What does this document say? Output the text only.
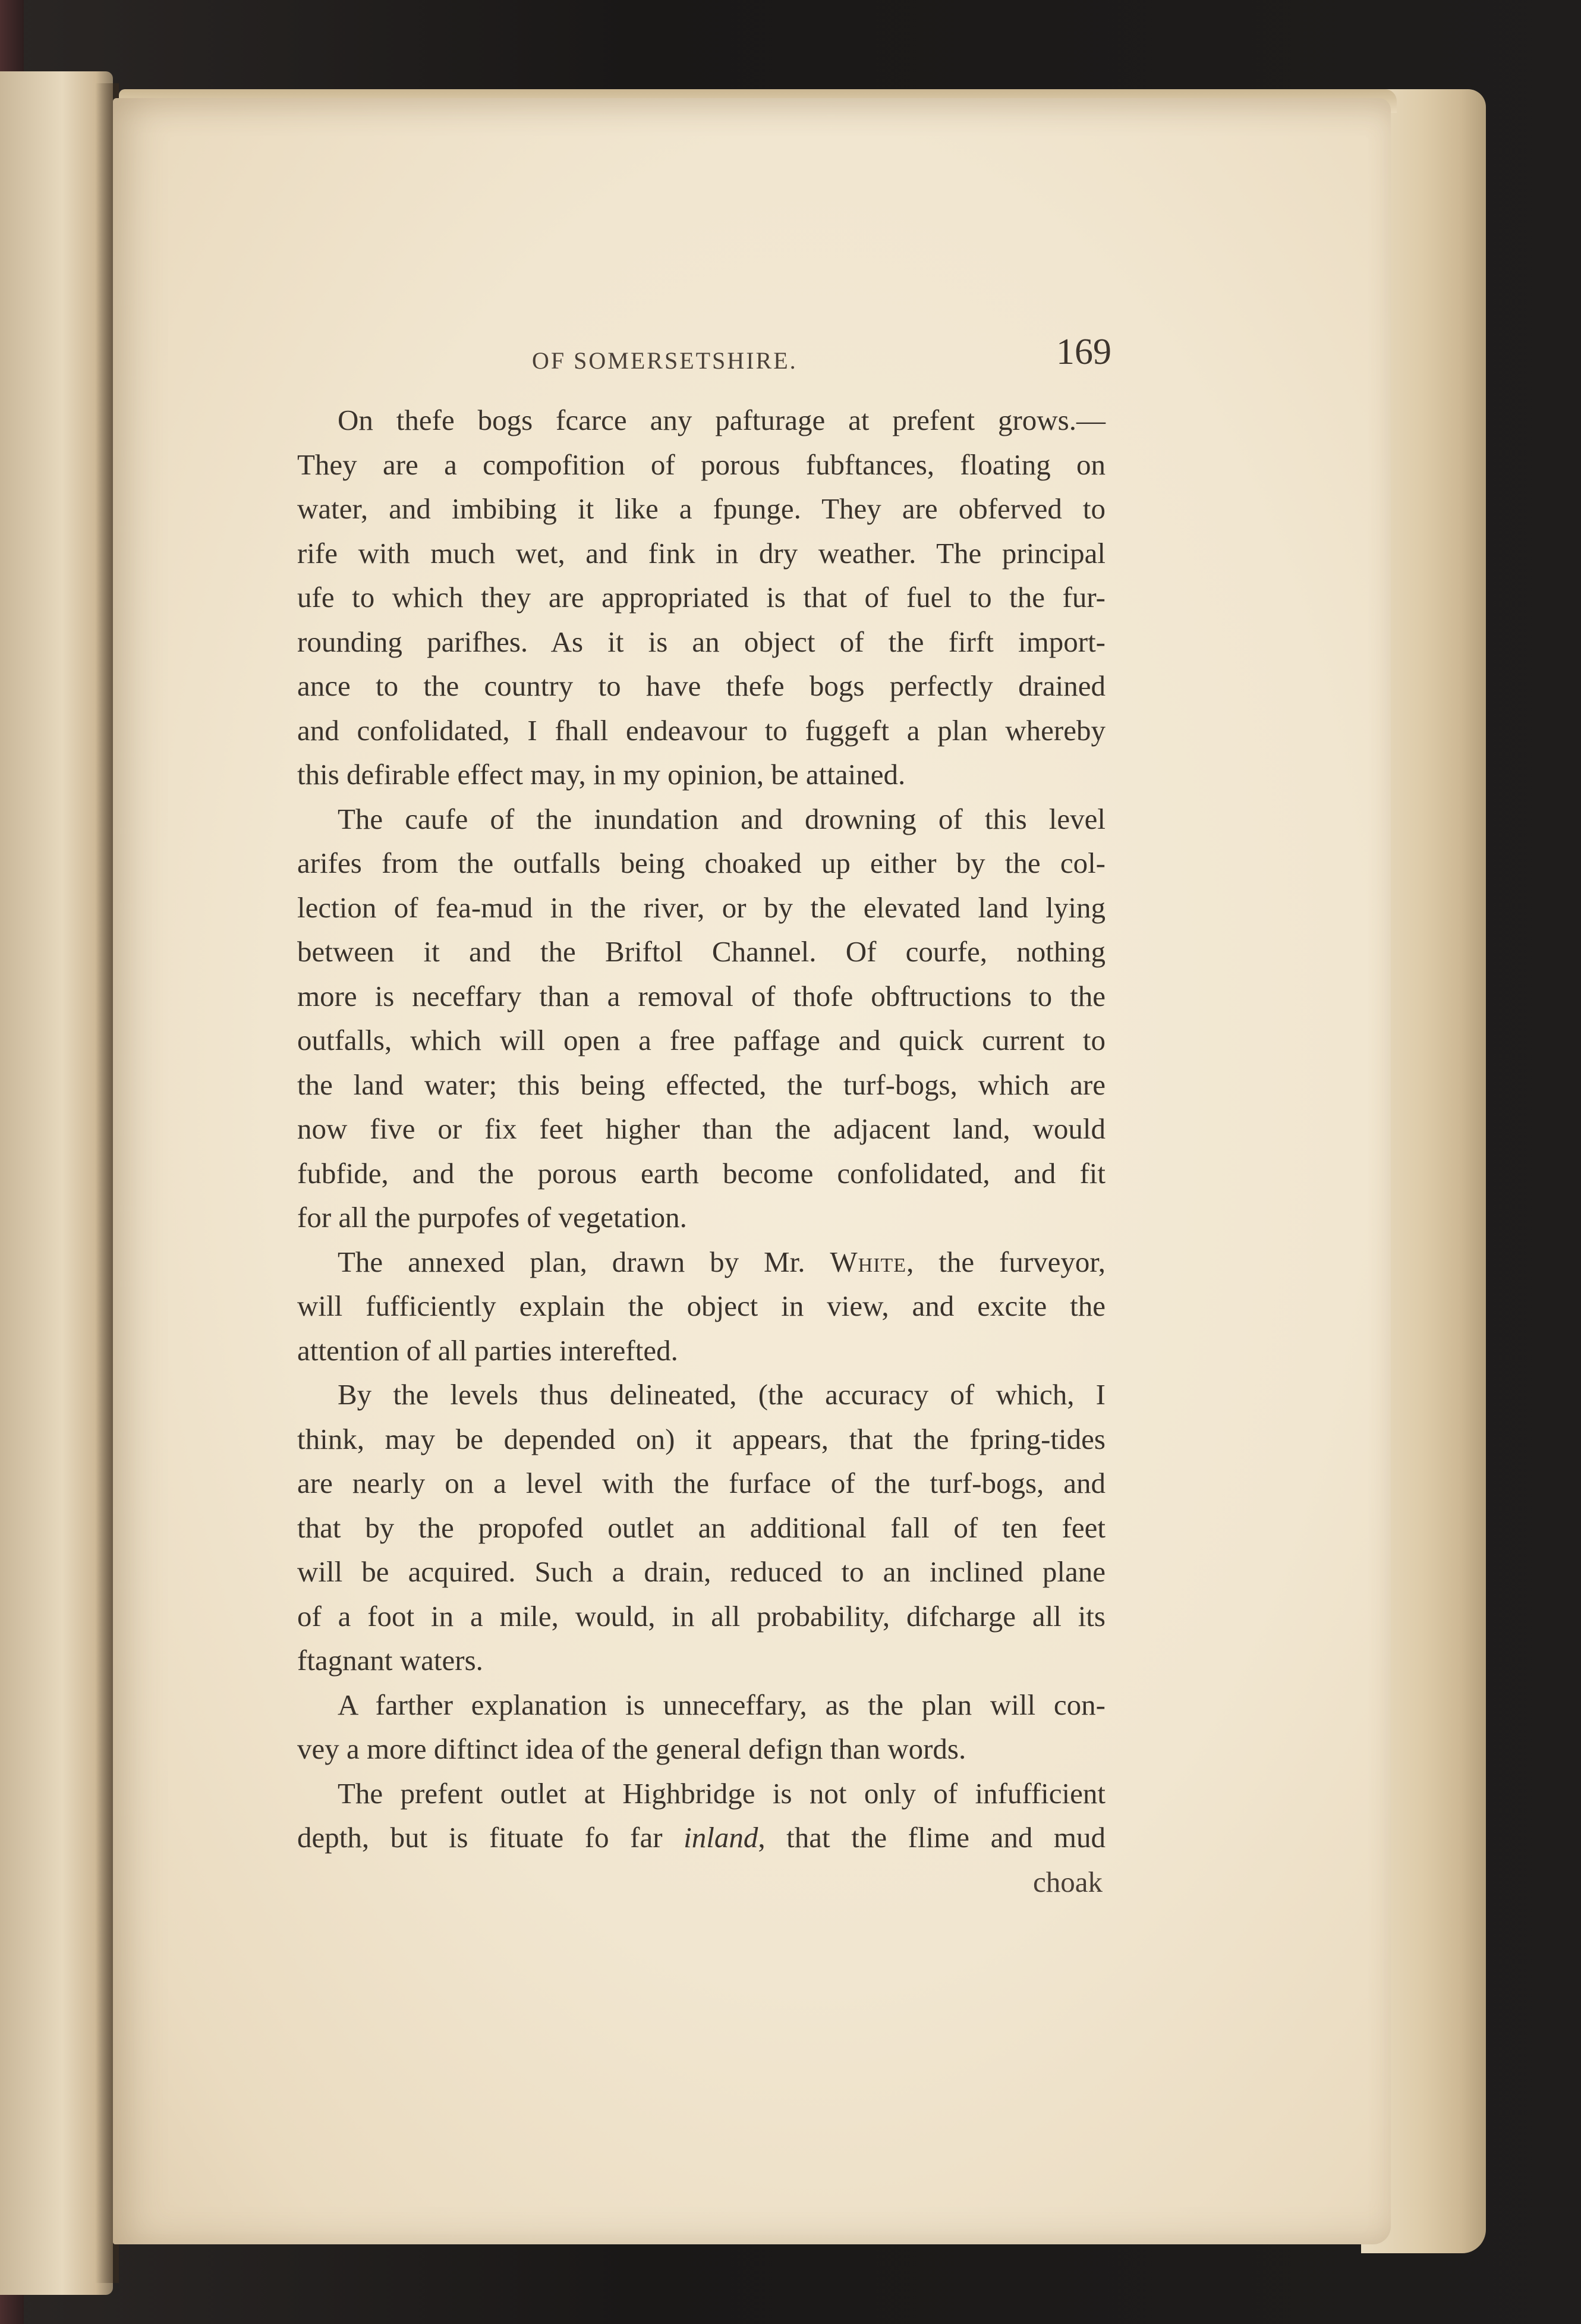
OF SOMERSETSHIRE.	169

On thefe bogs fcarce any pafturage at prefent grows.—

They are a compofition of porous fubftances, floating on

water, and imbibing it like a fpunge. They are obferved to

rife with much wet, and fink in dry weather. The principal

ufe to which they are appropriated is that of fuel to the fur-

rounding parifhes. As it is an object of the firft import-

ance to the country to have thefe bogs perfectly drained

and confolidated, I fhall endeavour to fuggeft a plan whereby

this defirable effect may, in my opinion, be attained.

The caufe of the inundation and drowning of this level

arifes from the outfalls being choaked up either by the col-

lection of fea-mud in the river, or by the elevated land lying

between it and the Briftol Channel. Of courfe, nothing

more is neceffary than a removal of thofe obftructions to the

outfalls, which will open a free paffage and quick current to

the land water; this being effected, the turf-bogs, which are

now five or fix feet higher than the adjacent land, would

fubfide, and the porous earth become confolidated, and fit

for all the purpofes of vegetation.

The annexed plan, drawn by Mr. White, the furveyor,

will fufficiently explain the object in view, and excite the

attention of all parties interefted.

By the levels thus delineated, (the accuracy of which, I

think, may be depended on) it appears, that the fpring-tides

are nearly on a level with the furface of the turf-bogs, and

that by the propofed outlet an additional fall of ten feet

will be acquired. Such a drain, reduced to an inclined plane

of a foot in a mile, would, in all probability, difcharge all its

ftagnant waters.

A farther explanation is unneceffary, as the plan will con-

vey a more diftinct idea of the general defign than words.

The prefent outlet at Highbridge is not only of infufficient

depth, but is fituate fo far inland, that the flime and mud

choak
